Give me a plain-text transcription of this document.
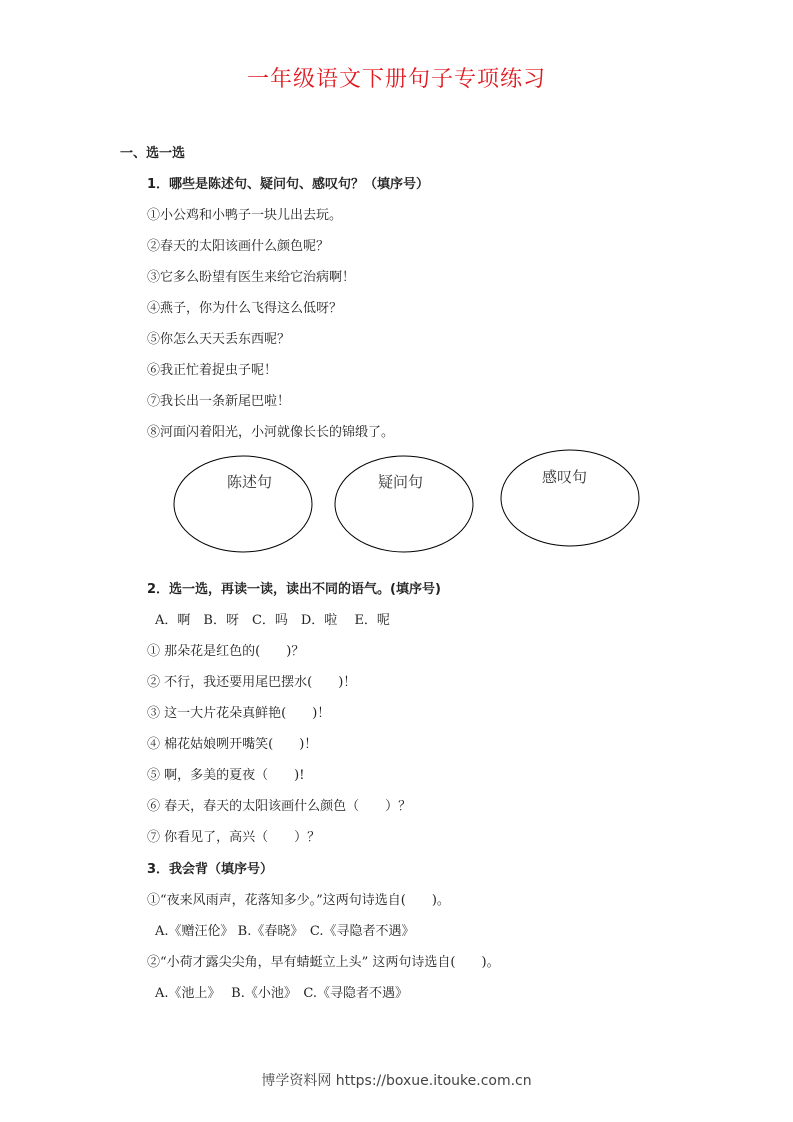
一年级语文下册句子专项练习
一、选一选
1．哪些是陈述句、疑问句、感叹句？（填序号）
①小公鸡和小鸭子一块儿出去玩。
②春天的太阳该画什么颜色呢？
③它多么盼望有医生来给它治病啊！
④燕子，你为什么飞得这么低呀？
⑤你怎么天天丢东西呢？
⑥我正忙着捉虫子呢！
⑦我长出一条新尾巴啦！
⑧河面闪着阳光，小河就像长长的锦缎了。
陈述句	疑问句	感叹句
2．选一选，再读一读，读出不同的语气。(填序号)
A．啊　B．呀　C．吗　D．啦　 E．呢
① 那朵花是红色的(　　)？
② 不行，我还要用尾巴摆水(　　)！
③ 这一大片花朵真鲜艳(　　)！
④ 棉花姑娘咧开嘴笑(　　)！
⑤ 啊，多美的夏夜（　　)!
⑥ 春天，春天的太阳该画什么颜色（　　）？
⑦ 你看见了，高兴（　　）？
3．我会背（填序号）
①“夜来风雨声，花落知多少。”这两句诗选自(　　)。
A.《赠汪伦》 B.《春晓》　C.《寻隐者不遇》
②“小荷才露尖尖角，早有蜻蜓立上头” 这两句诗选自(　　)。
A.《池上》　 B.《小池》　C.《寻隐者不遇》
博学资料网 https://boxue.itouke.com.cn
